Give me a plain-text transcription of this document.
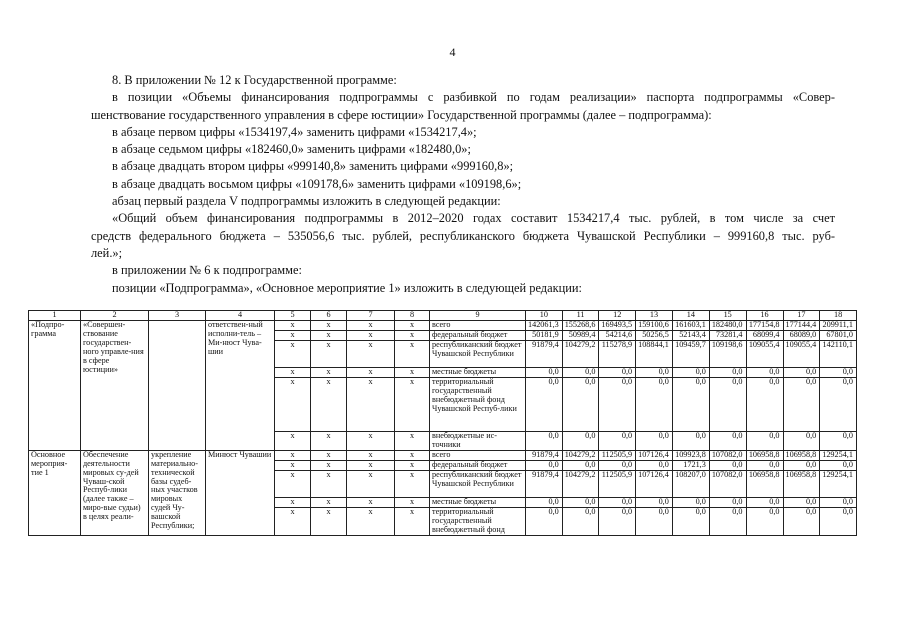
4
8. В приложении № 12 к Государственной программе:
в позиции «Объемы финансирования подпрограммы с разбивкой по годам реализации» паспорта подпрограммы «Совер-
шенствование государственного управления в сфере юстиции» Государственной программы (далее – подпрограмма):
в абзаце первом цифры «1534197,4» заменить цифрами «1534217,4»;
в абзаце седьмом цифры «182460,0» заменить цифрами «182480,0»;
в абзаце двадцать втором цифры «999140,8» заменить цифрами «999160,8»;
в абзаце двадцать восьмом цифры «109178,6» заменить цифрами «109198,6»;
абзац первый раздела V подпрограммы изложить в следующей редакции:
«Общий объем финансирования подпрограммы в 2012–2020 годах составит 1534217,4 тыс. рублей, в том числе за счет
средств федерального бюджета – 535056,6 тыс. рублей, республиканского бюджета Чувашской Республики – 999160,8 тыс. руб-
лей.»;
в приложении № 6 к подпрограмме:
позиции «Подпрограмма», «Основное мероприятие 1» изложить в следующей редакции:
1	2	3	4	5	6	7	8	9	10	11	12	13	14	15	16	17	18
«Подпро-грамма	«Совершен-ствование государствен-ного управле-ния в сфере юстиции»		ответствен-ный исполни-тель – Ми-нюст Чува-шии	x	x	x	x	всего	142061,3	155268,6	169493,5	159100,6	161603,1	182480,0	177154,8	177144,4	209911,1
				x	x	x	x	федеральный бюджет	50181,9	50989,4	54214,6	50256,5	52143,4	73281,4	68099,4	68089,0	67801,0
				x	x	x	x	республиканский бюджет Чувашской Республики	91879,4	104279,2	115278,9	108844,1	109459,7	109198,6	109055,4	109055,4	142110,1
				x	x	x	x	местные бюджеты	0,0	0,0	0,0	0,0	0,0	0,0	0,0	0,0	0,0
				x	x	x	x	территориальный государственный внебюджетный фонд Чувашской Респуб-лики	0,0	0,0	0,0	0,0	0,0	0,0	0,0	0,0	0,0
				x	x	x	x	внебюджетные ис-точники	0,0	0,0	0,0	0,0	0,0	0,0	0,0	0,0	0,0
Основное мероприя-тие 1	Обеспечение деятельности мировых су-дей Чуваш-ской Респуб-лики (далее также – миро-вые судьи) в целях реали-	укрепление материально-технической базы судеб-ных участков мировых судей Чу-вашской Республики;	Минюст Чувашии	x	x	x	x	всего	91879,4	104279,2	112505,9	107126,4	109923,8	107082,0	106958,8	106958,8	129254,1
				x	x	x	x	федеральный бюджет	0,0	0,0	0,0	0,0	1721,3	0,0	0,0	0,0	0,0
				x	x	x	x	республиканский бюджет Чувашской Республики	91879,4	104279,2	112505,9	107126,4	108207,0	107082,0	106958,8	106958,8	129254,1
				x	x	x	x	местные бюджеты	0,0	0,0	0,0	0,0	0,0	0,0	0,0	0,0	0,0
				x	x	x	x	территориальный государственный внебюджетный фонд	0,0	0,0	0,0	0,0	0,0	0,0	0,0	0,0	0,0
